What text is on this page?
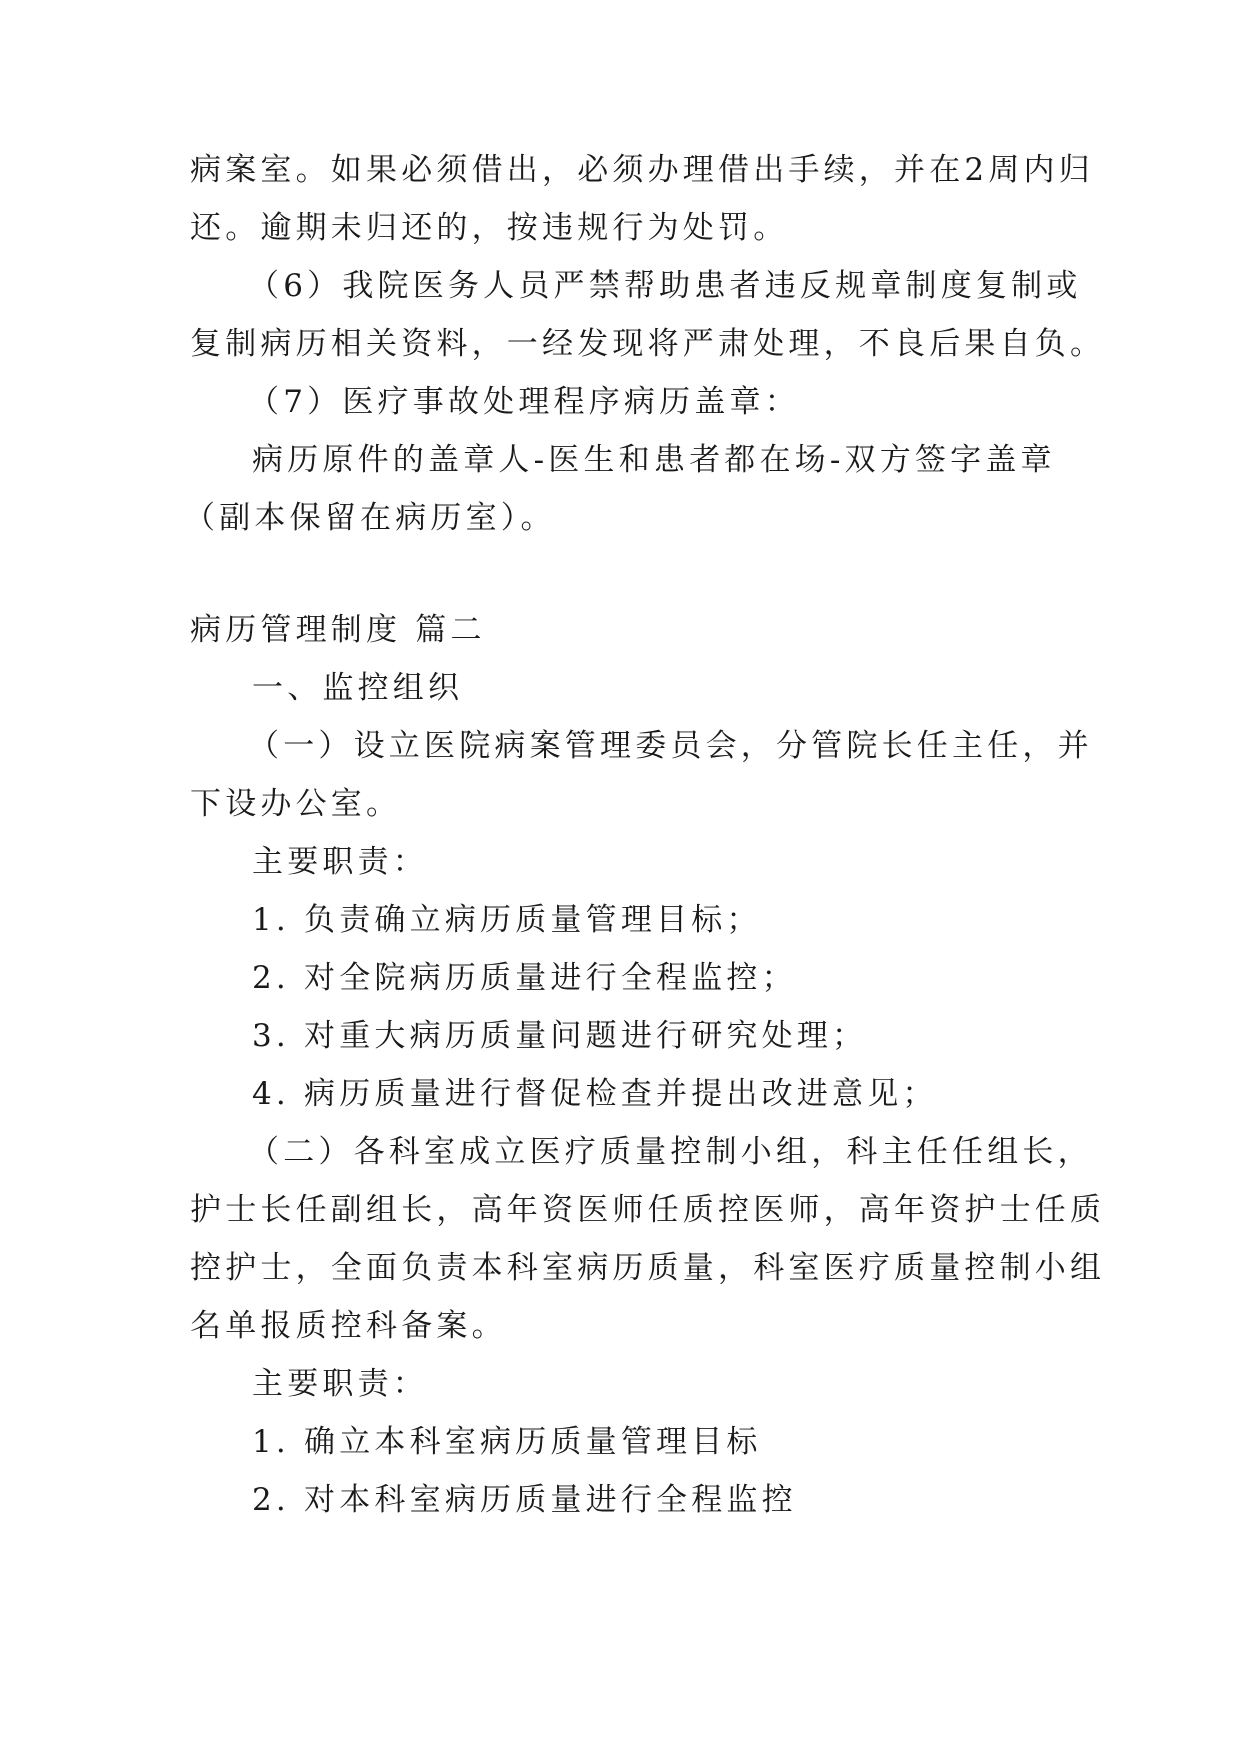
病案室。如果必须借出，必须办理借出手续，并在2周内归
还。逾期未归还的，按违规行为处罚。
（6）我院医务人员严禁帮助患者违反规章制度复制或
复制病历相关资料，一经发现将严肃处理，不良后果自负。
（7）医疗事故处理程序病历盖章：
病历原件的盖章人-医生和患者都在场-双方签字盖章
（副本保留在病历室）。
病历管理制度 篇二
一、监控组织
（一）设立医院病案管理委员会，分管院长任主任，并
下设办公室。
主要职责：
1. 负责确立病历质量管理目标；
2. 对全院病历质量进行全程监控；
3. 对重大病历质量问题进行研究处理；
4. 病历质量进行督促检查并提出改进意见；
（二）各科室成立医疗质量控制小组，科主任任组长，
护士长任副组长，高年资医师任质控医师，高年资护士任质
控护士，全面负责本科室病历质量，科室医疗质量控制小组
名单报质控科备案。
主要职责：
1. 确立本科室病历质量管理目标
2. 对本科室病历质量进行全程监控
